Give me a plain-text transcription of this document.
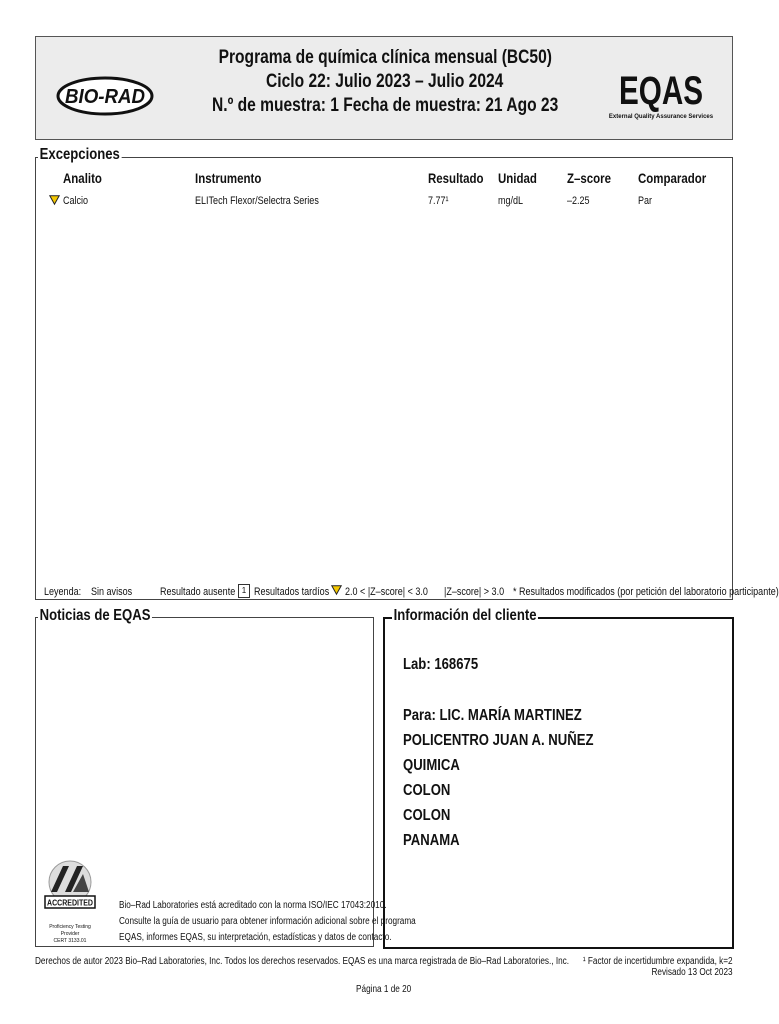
BIO-RAD	EQAS
External Quality Assurance Services
Programa de química clínica mensual (BC50)
Ciclo 22: Julio 2023 – Julio 2024
N.º de muestra: 1 Fecha de muestra: 21 Ago 23
Excepciones
Analito	Instrumento	Resultado Unidad Z–score Comparador
Calcio	ELITech Flexor/Selectra Series	7.77¹	mg/dL	–2.25	Par
Leyenda: Sin avisos	Resultado ausente 1 Resultados tardíos 2.0 < |Z–score| < 3.0 |Z–score| > 3.0 * Resultados modificados (por petición del laboratorio participante)
Noticias de EQAS
ACCREDITED
Proficiency Testing Provider
CERT 3133.01
Bio–Rad Laboratories está acreditado con la norma ISO/IEC 17043:2010.
Consulte la guía de usuario para obtener información adicional sobre el programa
EQAS, informes EQAS, su interpretación, estadísticas y datos de contacto.
Información del cliente
Lab: 168675
Para: LIC. MARÍA MARTINEZ
POLICENTRO JUAN A. NUÑEZ
QUIMICA
COLON
COLON
PANAMA
Derechos de autor 2023 Bio–Rad Laboratories, Inc. Todos los derechos reservados. EQAS es una marca registrada de Bio–Rad Laboratories., Inc. ¹ Factor de incertidumbre expandida, k=2
Revisado 13 Oct 2023
Página 1 de 20
